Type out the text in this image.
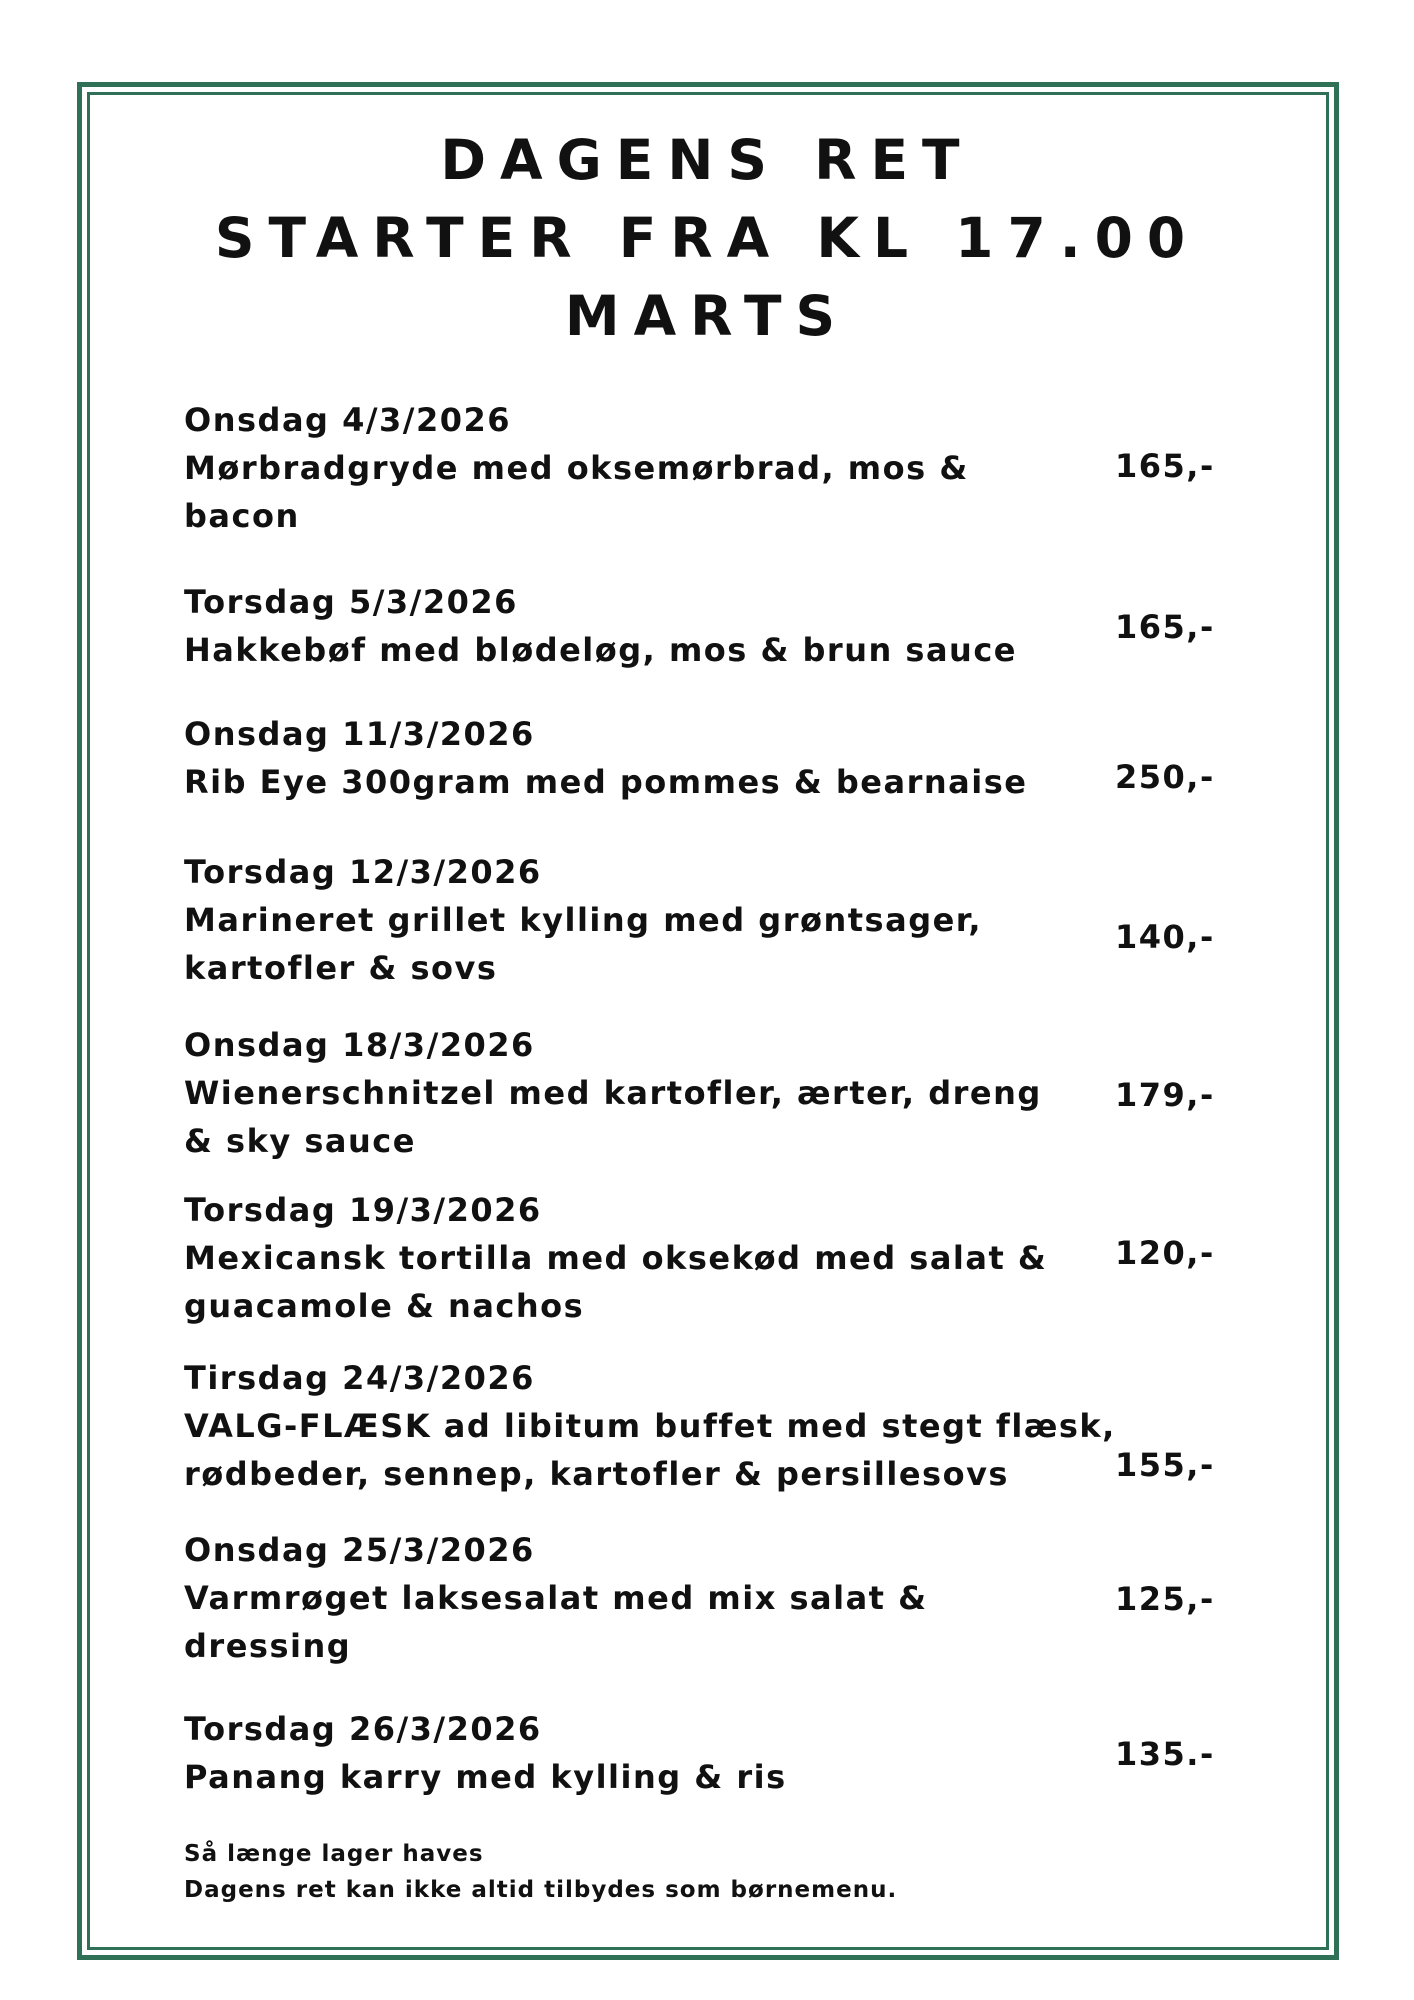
DAGENS RET
STARTER FRA KL 17.00
MARTS
Onsdag 4/3/2026
Mørbradgryde med oksemørbrad, mos &
bacon
165,-
Torsdag 5/3/2026
Hakkebøf med blødeløg, mos & brun sauce
165,-
Onsdag 11/3/2026
Rib Eye 300gram med pommes & bearnaise	250,-
Torsdag 12/3/2026
Marineret grillet kylling med grøntsager,
kartofler & sovs
140,-
Onsdag 18/3/2026
Wienerschnitzel med kartofler, ærter, dreng
& sky sauce
179,-
Torsdag 19/3/2026
Mexicansk tortilla med oksekød med salat &
guacamole & nachos
120,-
Tirsdag 24/3/2026
VALG-FLÆSK ad libitum buffet med stegt flæsk,
rødbeder, sennep, kartofler & persillesovs	155,-
Onsdag 25/3/2026
Varmrøget laksesalat med mix salat &
dressing
125,-
Torsdag 26/3/2026
Panang karry med kylling & ris
135.-
Så længe lager haves
Dagens ret kan ikke altid tilbydes som børnemenu.
